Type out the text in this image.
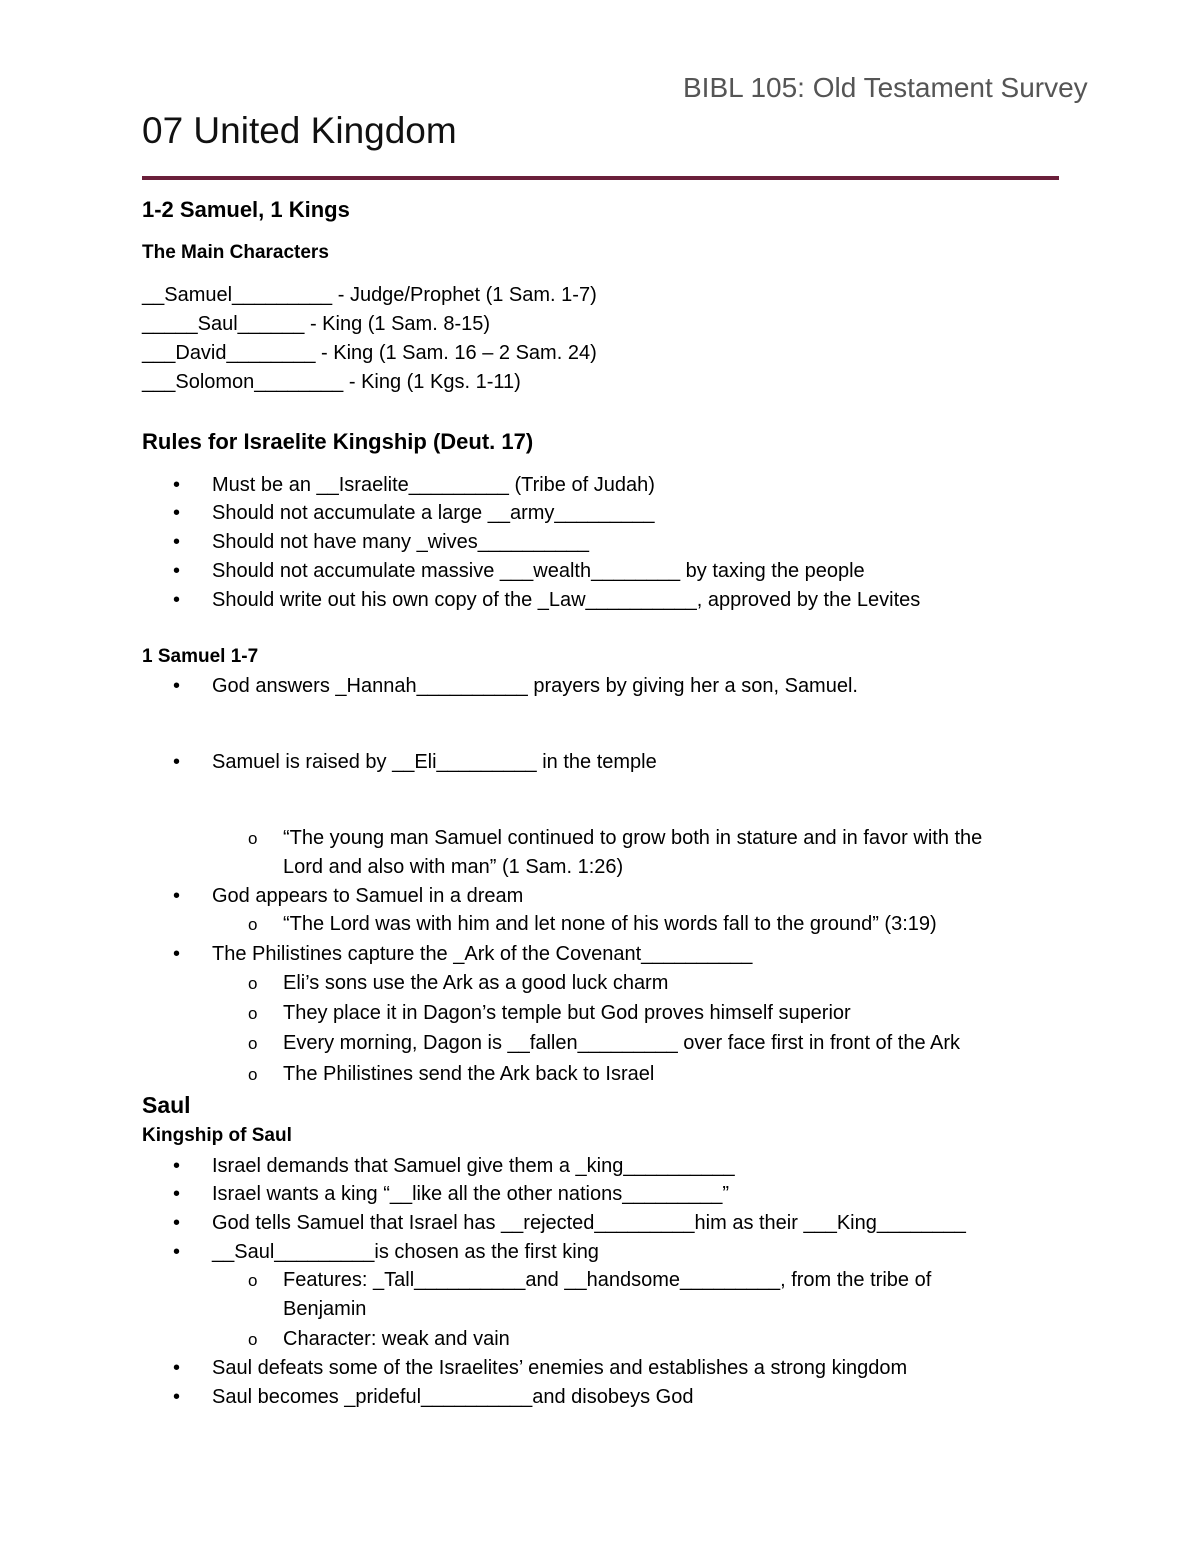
BIBL 105: Old Testament Survey
07 United Kingdom
1-2 Samuel, 1 Kings
The Main Characters
__Samuel_________ - Judge/Prophet (1 Sam. 1-7)
_____Saul______ - King (1 Sam. 8-15)
___David________ - King (1 Sam. 16 – 2 Sam. 24)
___Solomon________ - King (1 Kgs. 1-11)
Rules for Israelite Kingship (Deut. 17)
• Must be an __Israelite_________ (Tribe of Judah)
• Should not accumulate a large __army_________
• Should not have many _wives__________
• Should not accumulate massive ___wealth________ by taxing the people
• Should write out his own copy of the _Law__________, approved by the Levites
1 Samuel 1-7
• God answers _Hannah__________ prayers by giving her a son, Samuel.
• Samuel is raised by __Eli_________ in the temple
o “The young man Samuel continued to grow both in stature and in favor with the
Lord and also with man” (1 Sam. 1:26)
• God appears to Samuel in a dream
o “The Lord was with him and let none of his words fall to the ground” (3:19)
• The Philistines capture the _Ark of the Covenant__________
o Eli’s sons use the Ark as a good luck charm
o They place it in Dagon’s temple but God proves himself superior
o Every morning, Dagon is __fallen_________ over face first in front of the Ark
o The Philistines send the Ark back to Israel
Saul
Kingship of Saul
• Israel demands that Samuel give them a _king__________
• Israel wants a king “__like all the other nations_________”
• God tells Samuel that Israel has __rejected_________him as their ___King________
• __Saul_________is chosen as the first king
o Features: _Tall__________and __handsome_________, from the tribe of
Benjamin
o Character: weak and vain
• Saul defeats some of the Israelites’ enemies and establishes a strong kingdom
• Saul becomes _prideful__________and disobeys God
